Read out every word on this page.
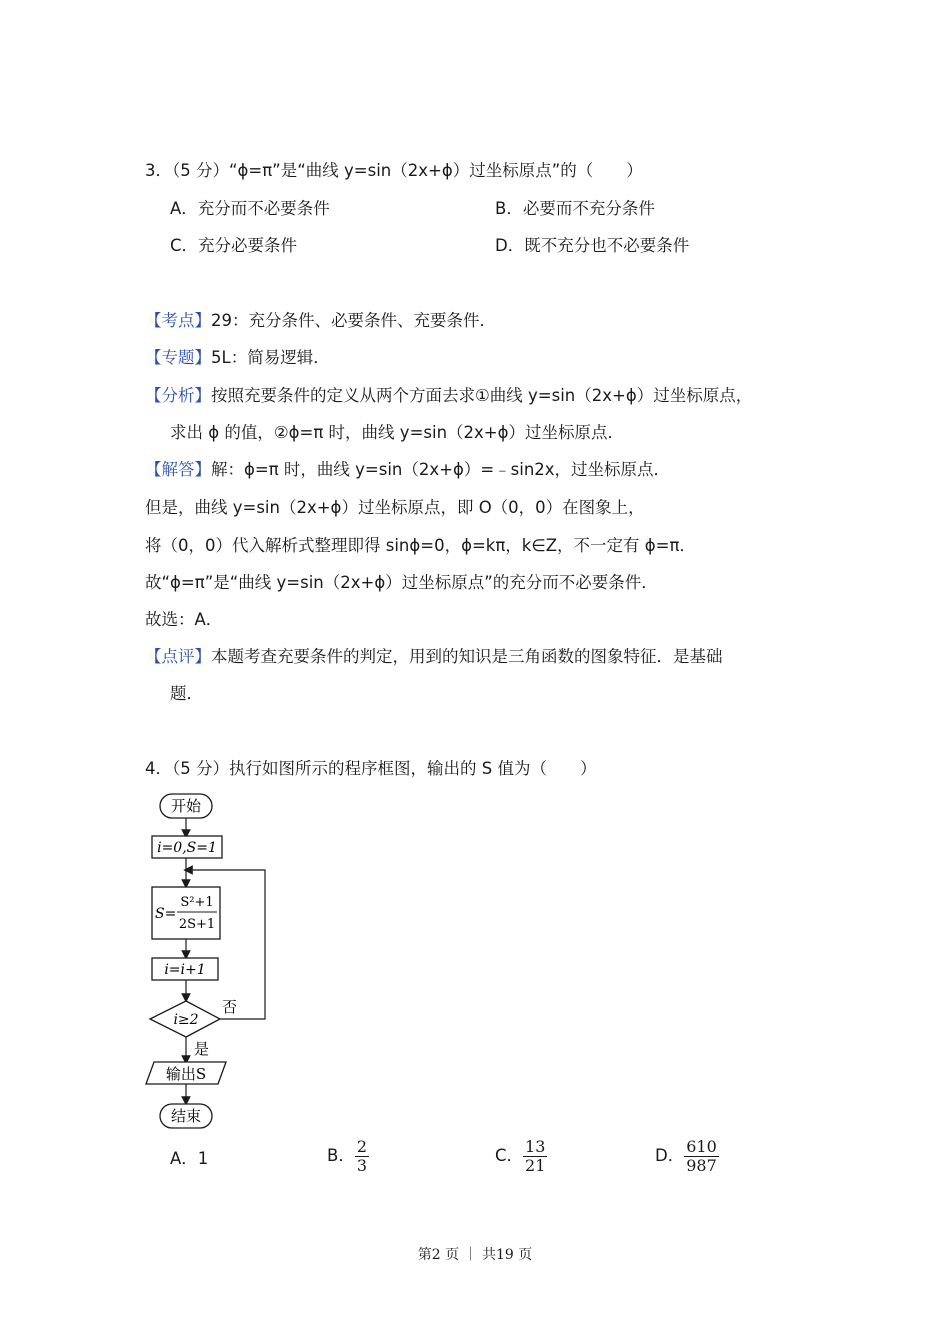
3．（5 分）“ϕ=π”是“曲线 y=sin（2x+ϕ）过坐标原点”的（　　）
A．充分而不必要条件	B．必要而不充分条件
C．充分必要条件	D．既不充分也不必要条件
【考点】29：充分条件、必要条件、充要条件．
【专题】5L：简易逻辑．
【分析】按照充要条件的定义从两个方面去求①曲线 y=sin（2x+ϕ）过坐标原点，
求出 ϕ 的值，②ϕ=π 时，曲线 y=sin（2x+ϕ）过坐标原点．
【解答】解：ϕ=π 时，曲线 y=sin（2x+ϕ）=﹣sin2x，过坐标原点．
但是，曲线 y=sin（2x+ϕ）过坐标原点，即 O（0，0）在图象上，
将（0，0）代入解析式整理即得 sinϕ=0，ϕ=kπ，k∈Z，不一定有 ϕ=π．
故“ϕ=π”是“曲线 y=sin（2x+ϕ）过坐标原点”的充分而不必要条件．
故选：A．
【点评】本题考查充要条件的判定，用到的知识是三角函数的图象特征．是基础
题．
4．（5 分）执行如图所示的程序框图，输出的 S 值为（　　）
开始
i=0,S=1
S=
S²+1
2S+1
i=i+1
i≥2
否
是
输出S
结束
A．1	B． $\frac{2}{3}$	C． $\frac{13}{21}$	D． $\frac{610}{987}$
第2 页 ｜ 共19 页
